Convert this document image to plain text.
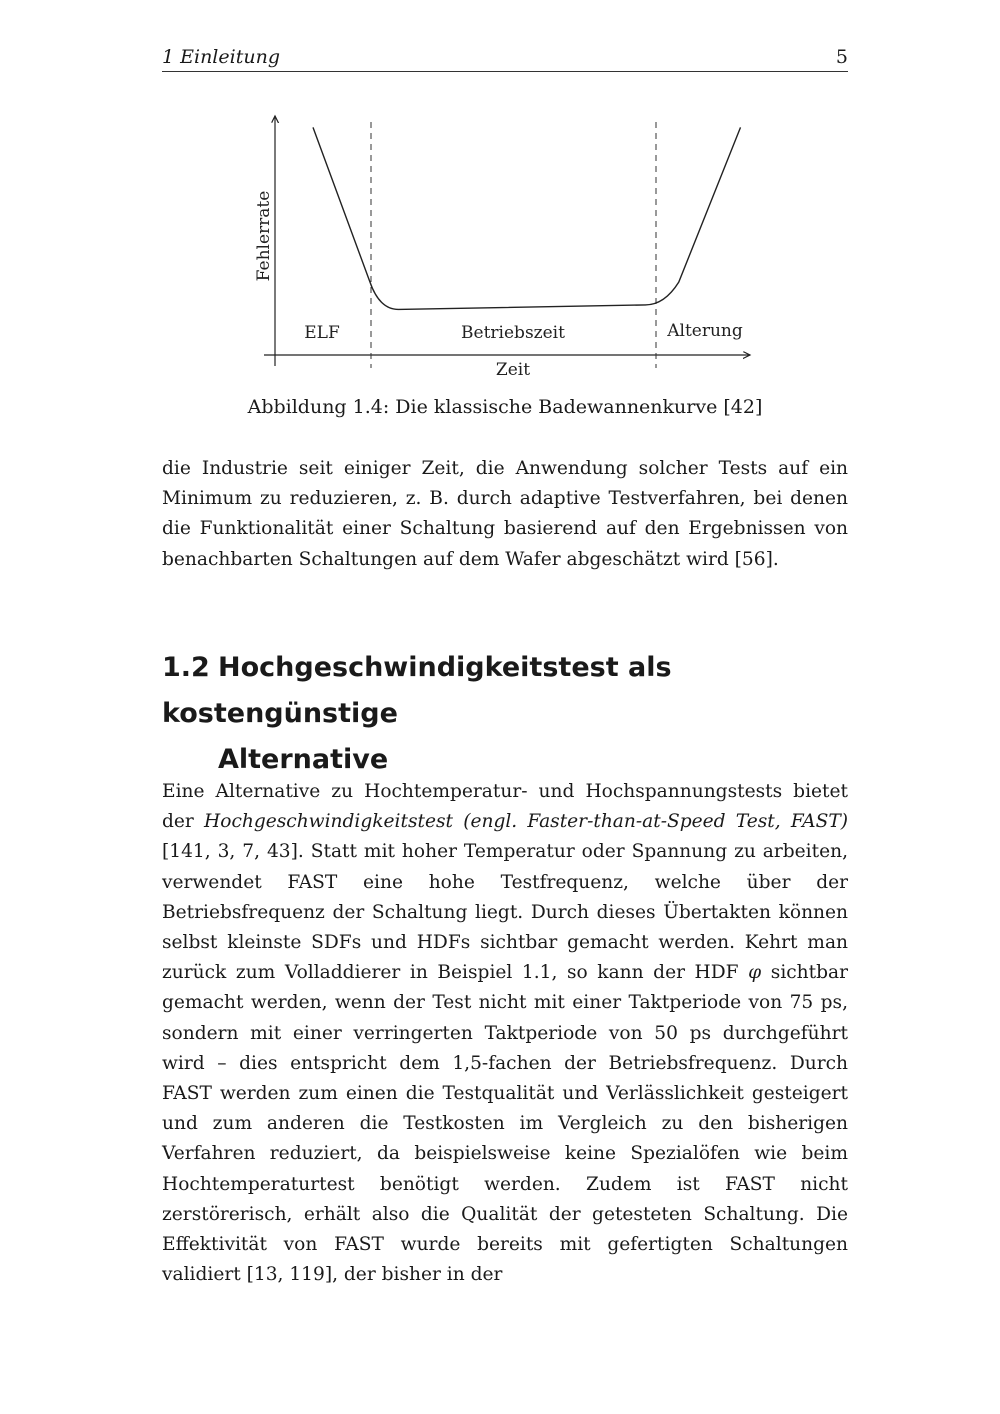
1 Einleitung	5
Fehlerrate
Zeit
ELF	Betriebszeit	Alterung
Abbildung 1.4: Die klassische Badewannenkurve [42]

die Industrie seit einiger Zeit, die Anwendung solcher Tests auf ein Minimum zu reduzieren, z. B. durch adaptive Testverfahren, bei denen die Funktionalität einer Schaltung basierend auf den Ergebnissen von benachbarten Schaltungen auf dem Wafer abgeschätzt wird [56].

1.2 Hochgeschwindigkeitstest als kostengünstige
Alternative

Eine Alternative zu Hochtemperatur- und Hochspannungstests bietet der Hochgeschwindigkeitstest (engl. Faster-than-at-Speed Test, FAST) [141, 3, 7, 43]. Statt mit hoher Temperatur oder Spannung zu arbeiten, verwendet FAST eine hohe Testfrequenz, welche über der Betriebsfrequenz der Schaltung liegt. Durch dieses Übertakten können selbst kleinste SDFs und HDFs sichtbar gemacht werden. Kehrt man zurück zum Volladdierer in Beispiel 1.1, so kann der HDF φ sichtbar gemacht werden, wenn der Test nicht mit einer Taktperiode von 75 ps, sondern mit einer verringerten Taktperiode von 50 ps durchgeführt wird – dies entspricht dem 1,5-fachen der Betriebsfrequenz. Durch FAST werden zum einen die Testqualität und Verlässlichkeit gesteigert und zum anderen die Testkosten im Vergleich zu den bisherigen Verfahren reduziert, da beispielsweise keine Spezialöfen wie beim Hochtemperaturtest benötigt werden. Zudem ist FAST nicht zerstörerisch, erhält also die Qualität der getesteten Schaltung. Die Effektivität von FAST wurde bereits mit gefertigten Schaltungen validiert [13, 119], der bisher in der
